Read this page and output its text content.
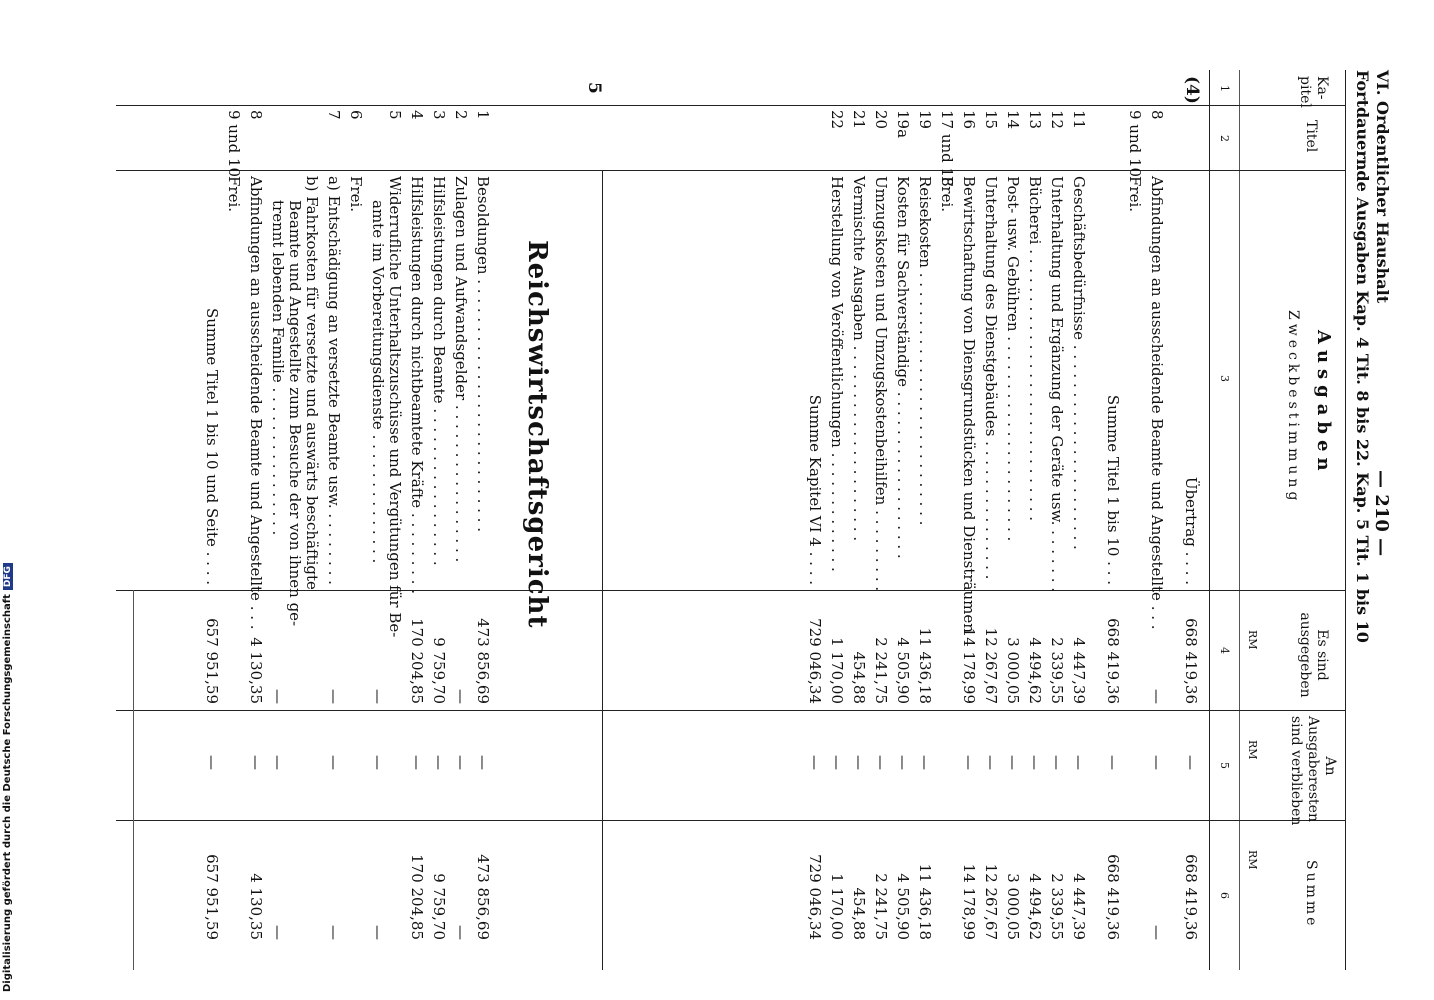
Digitalisierung gefördert durch die Deutsche ForschungsgemeinschaftDFG
VI. Ordentlicher Haushalt
— 210 —
Fortdauernde Ausgaben Kap. 4 Tit. 8 bis 22. Kap. 5 Tit. 1 bis 10
Ka-
pitel
Titel
Ausgaben
Zweckbestimmung
Es sind
ausgegeben
An
Ausgaberesten
sind verblieben
Summe
RM
RM
RM
1
2
3
4
5
6
(4)
5
Reichswirtschaftsgericht	Übertrag . . . .
668 419,36
—
668 419,36
8
Abfindungen an ausscheidende Beamte und Angestellte . . .
—
—
—
9 und 10
Frei.
Summe Titel 1 bis 10 . . .
668 419,36
—
668 419,36
11
Geschäftsbedürfnisse . . . . . . . . . . . . . . . . . . . . . .
4 447,39
—
4 447,39
12
Unterhaltung und Ergänzung der Geräte usw. . . . . . . .
2 339,55
—
2 339,55
13
Bücherei . . . . . . . . . . . . . . . . . . . . . . . . . . . . .
4 494,62
—
4 494,62
14
Post- usw. Gebühren . . . . . . . . . . . . . . . . . . . . . .
3 000,05
—
3 000,05
15
Unterhaltung des Dienstgebäudes . . . . . . . . . . . . . . .
12 267,67
—
12 267,67
16
Bewirtschaftung von Diensgrundstücken und Diensträumen
14 178,99
—
14 178,99
17 und 18
Frei.
19
Reisekosten . . . . . . . . . . . . . . . . . . . . . . . . . . .
11 436,18
—
11 436,18
19a
Kosten für Sachverständige . . . . . . . . . . . . . . . . . .
4 505,90
—
4 505,90
20
Umzugskosten und Umzugskostenbeihilfen . . . . . . . . .
2 241,75
—
2 241,75
21
Vermischte Ausgaben . . . . . . . . . . . . . . . . . . . . .
454,88
—
454,88
22
Herstellung von Veröffentlichungen . . . . . . . . . . . . .
1 170,00
—
1 170,00
Summe Kapitel VI 4 . . . .
729 046,34
—
729 046,34
1
Besoldungen . . . . . . . . . . . . . . . . . . . . . . . . . . .
473 856,69
—
473 856,69
2
Zulagen und Aufwandsgelder . . . . . . . . . . . . . . . . .
—
—
—
3
Hilfsleistungen durch Beamte . . . . . . . . . . . . . . . . .
9 759,70
—
9 759,70
4
Hilfsleistungen durch nichtbeamtete Kräfte . . . . . . . . .
170 204,85
—
170 204,85
5
Widerrufliche Unterhaltszuschüsse und Vergütungen für Be-
amte im Vorbereitungsdienste . . . . . . . . . . . . . .
—
—
—
6
Frei.
7
a) Entschädigung an versetzte Beamte usw. . . . . . . . .
—
—
—
b) Fahrkosten für versetzte und auswärts beschäftigte
Beamte und Angestellte zum Besuche der von ihnen ge-
trennt lebenden Familie . . . . . . . . . . . . . . . .
—
—
—
8
Abfindungen an ausscheidende Beamte und Angestellte . . .
4 130,35
—
4 130,35
9 und 10
Frei.
Summe Titel 1 bis 10 und Seite . . . .
657 951,59
—
657 951,59
